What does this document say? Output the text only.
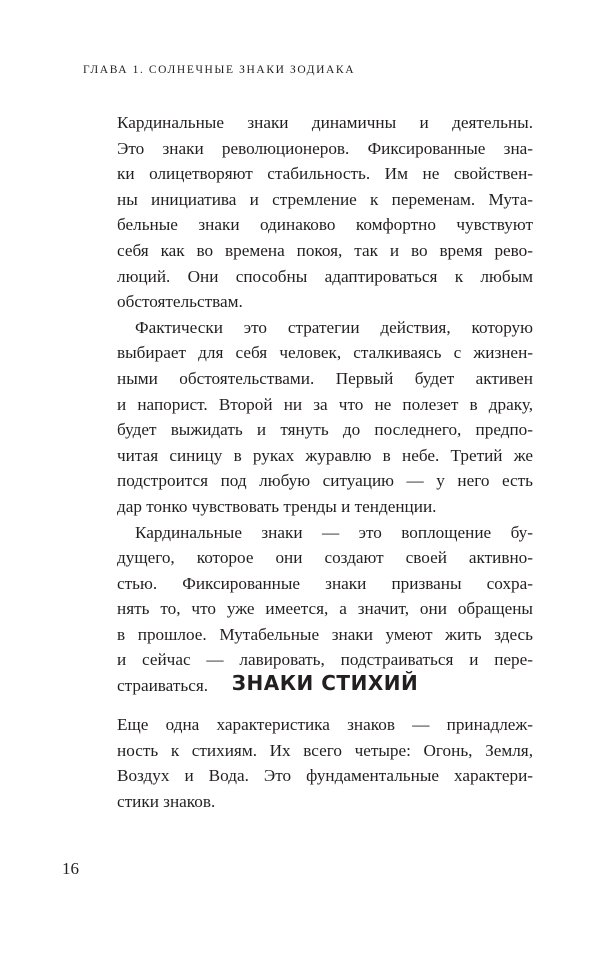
ГЛАВА 1. СОЛНЕЧНЫЕ ЗНАКИ ЗОДИАКА
Кардинальные знаки динамичны и деятельны.
Это знаки революционеров. Фиксированные зна-
ки олицетворяют стабильность. Им не свойствен-
ны инициатива и стремление к переменам. Мута-
бельные знаки одинаково комфортно чувствуют
себя как во времена покоя, так и во время рево-
люций. Они способны адаптироваться к любым
обстоятельствам.
Фактически это стратегии действия, которую
выбирает для себя человек, сталкиваясь с жизнен-
ными обстоятельствами. Первый будет активен
и напорист. Второй ни за что не полезет в драку,
будет выжидать и тянуть до последнего, предпо-
читая синицу в руках журавлю в небе. Третий же
подстроится под любую ситуацию — у него есть
дар тонко чувствовать тренды и тенденции.
Кардинальные знаки — это воплощение бу-
дущего, которое они создают своей активно-
стью. Фиксированные знаки призваны сохра-
нять то, что уже имеется, а значит, они обращены
в прошлое. Мутабельные знаки умеют жить здесь
и сейчас — лавировать, подстраиваться и пере-
страиваться.	ЗНАКИ СТИХИЙ
Еще одна характеристика знаков — принадлеж-
ность к стихиям. Их всего четыре: Огонь, Земля,
Воздух и Вода. Это фундаментальные характери-
стики знаков.
16
